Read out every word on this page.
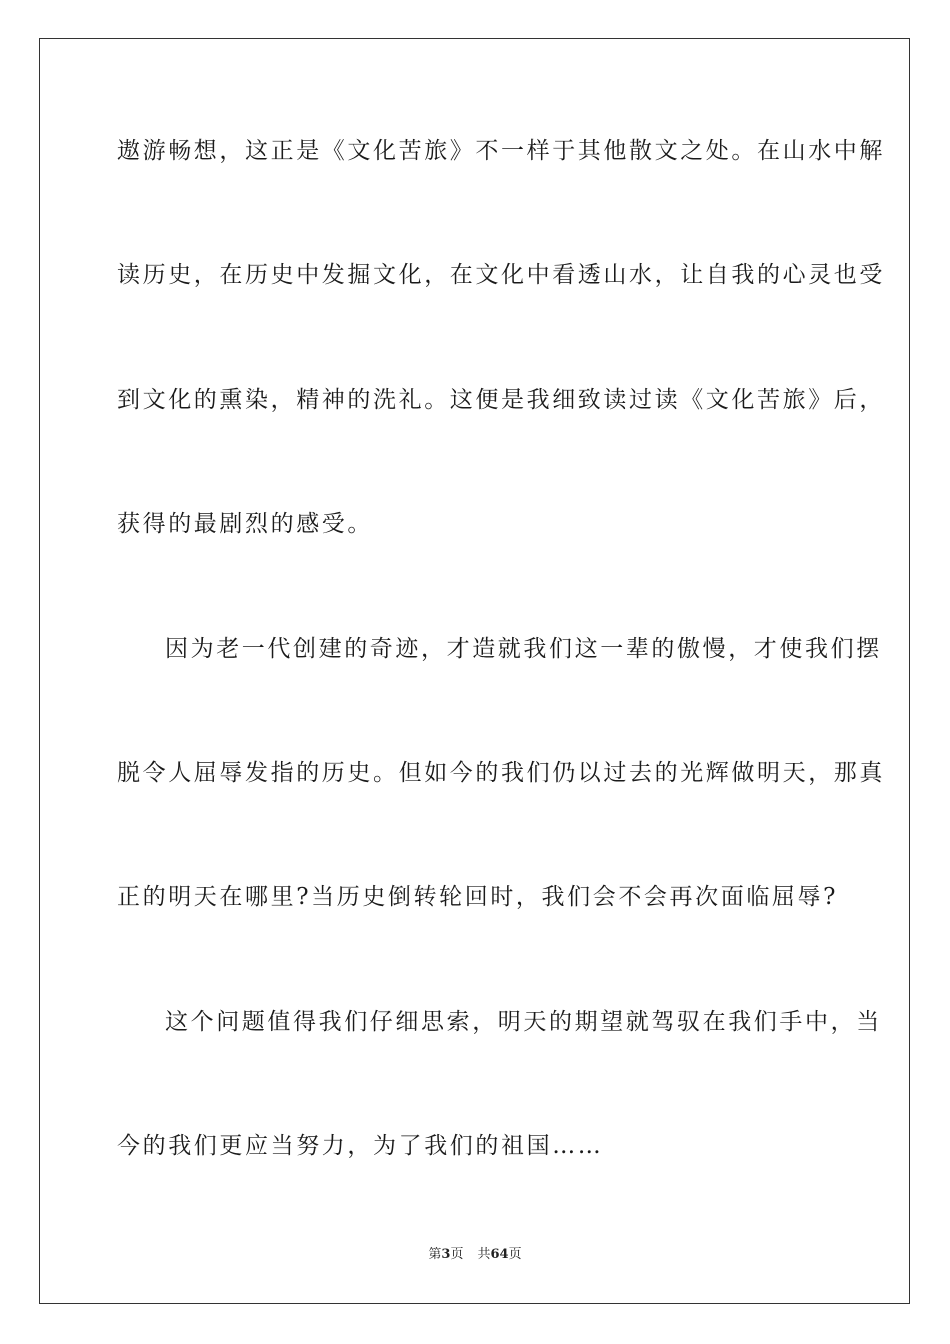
遨游畅想，这正是《文化苦旅》不一样于其他散文之处。在山水中解
读历史，在历史中发掘文化，在文化中看透山水，让自我的心灵也受
到文化的熏染，精神的洗礼。这便是我细致读过读《文化苦旅》后，
获得的最剧烈的感受。
因为老一代创建的奇迹，才造就我们这一辈的傲慢，才使我们摆
脱令人屈辱发指的历史。但如今的我们仍以过去的光辉做明天，那真
正的明天在哪里?当历史倒转轮回时，我们会不会再次面临屈辱?
这个问题值得我们仔细思索，明天的期望就驾驭在我们手中，当
今的我们更应当努力，为了我们的祖国……
第3页 共64页
